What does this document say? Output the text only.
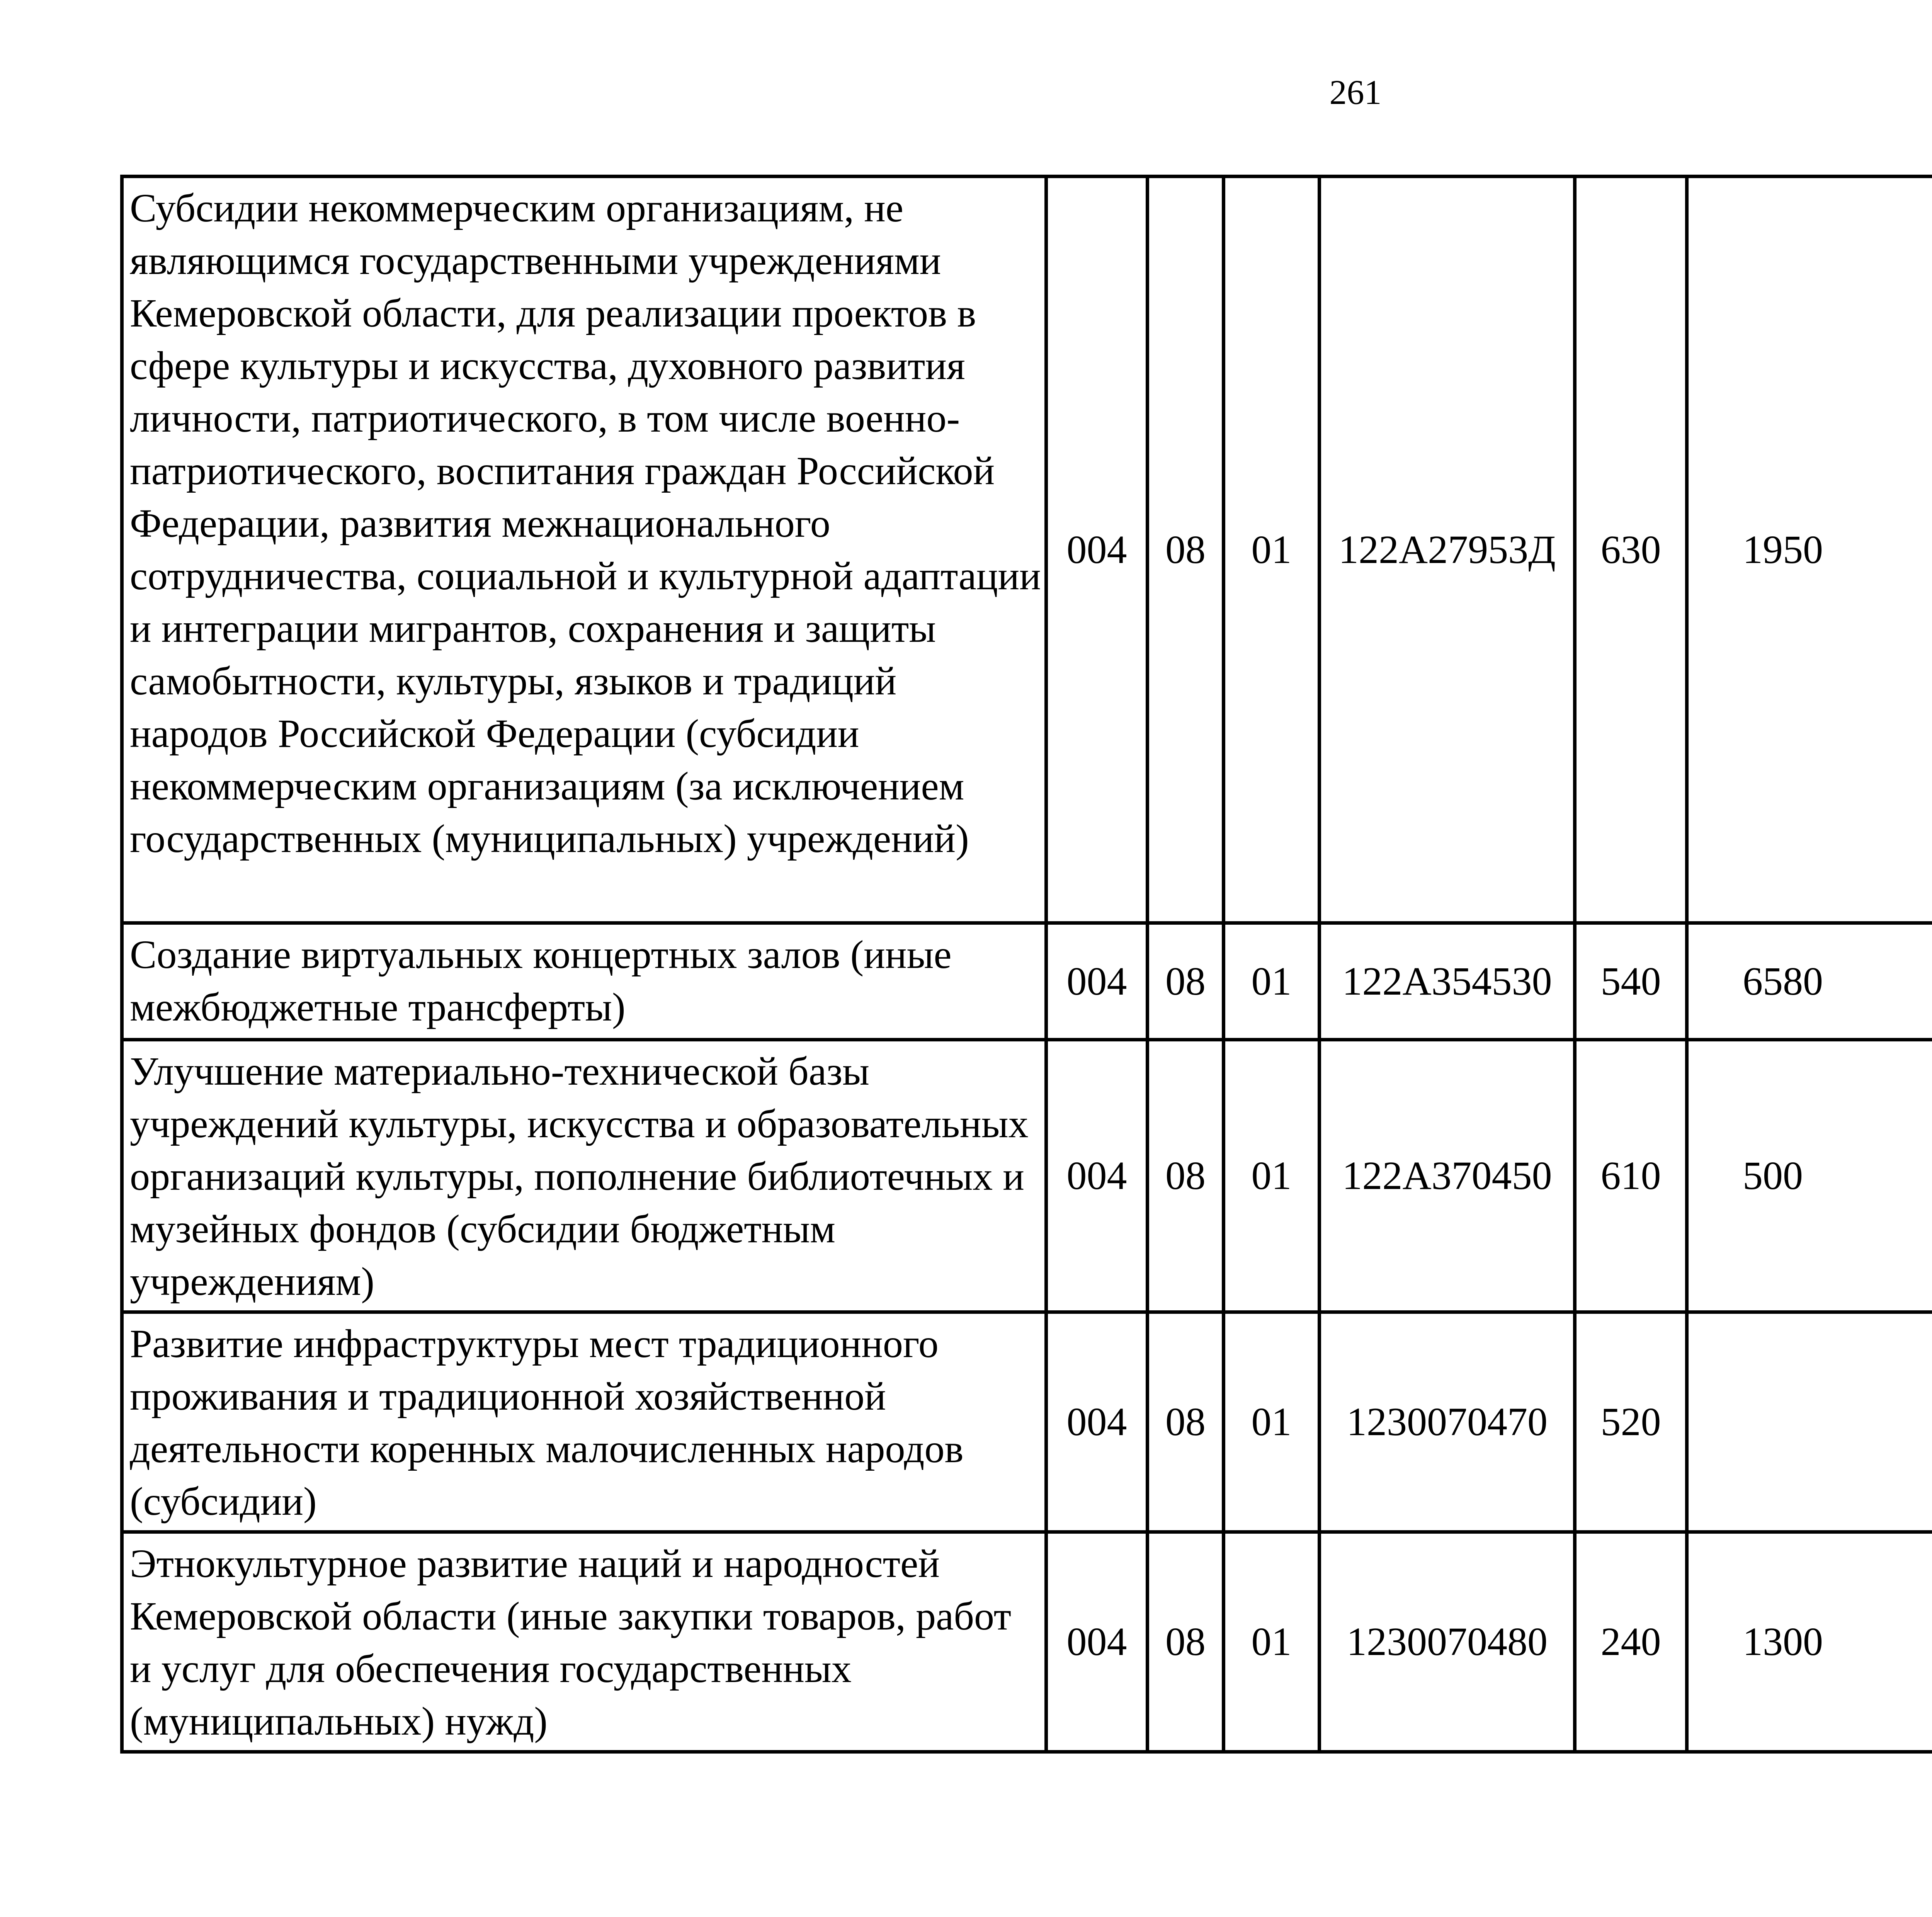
261
Субсидии некоммерческим организациям, не являющимся государственными учреждениями Кемеровской области, для реализации проектов в сфере культуры и искусства, духовного развития личности, патриотического, в том числе военно-патриотического, воспитания граждан Российской Федерации, развития межнационального сотрудничества, социальной и культурной адаптации и интеграции мигрантов, сохранения и защиты самобытности, культуры, языков и традиций народов Российской Федерации (субсидии некоммерческим организациям (за исключением государственных (муниципальных) учреждений)	004	08	01	122А27953Д	630	1950		
Создание виртуальных концертных залов (иные межбюджетные трансферты)	004	08	01	122А354530	540	6580		
Улучшение материально-технической базы учреждений культуры, искусства и образовательных организаций культуры, пополнение библиотечных и музейных фондов (субсидии бюджетным учреждениям)	004	08	01	122А370450	610	500		
Развитие инфраструктуры мест традиционного проживания и традиционной хозяйственной деятельности коренных малочисленных народов (субсидии)	004	08	01	1230070470	520			
Этнокультурное развитие наций и народностей Кемеровской области (иные закупки товаров, работ и услуг для обеспечения государственных (муниципальных) нужд)	004	08	01	1230070480	240	1300		
